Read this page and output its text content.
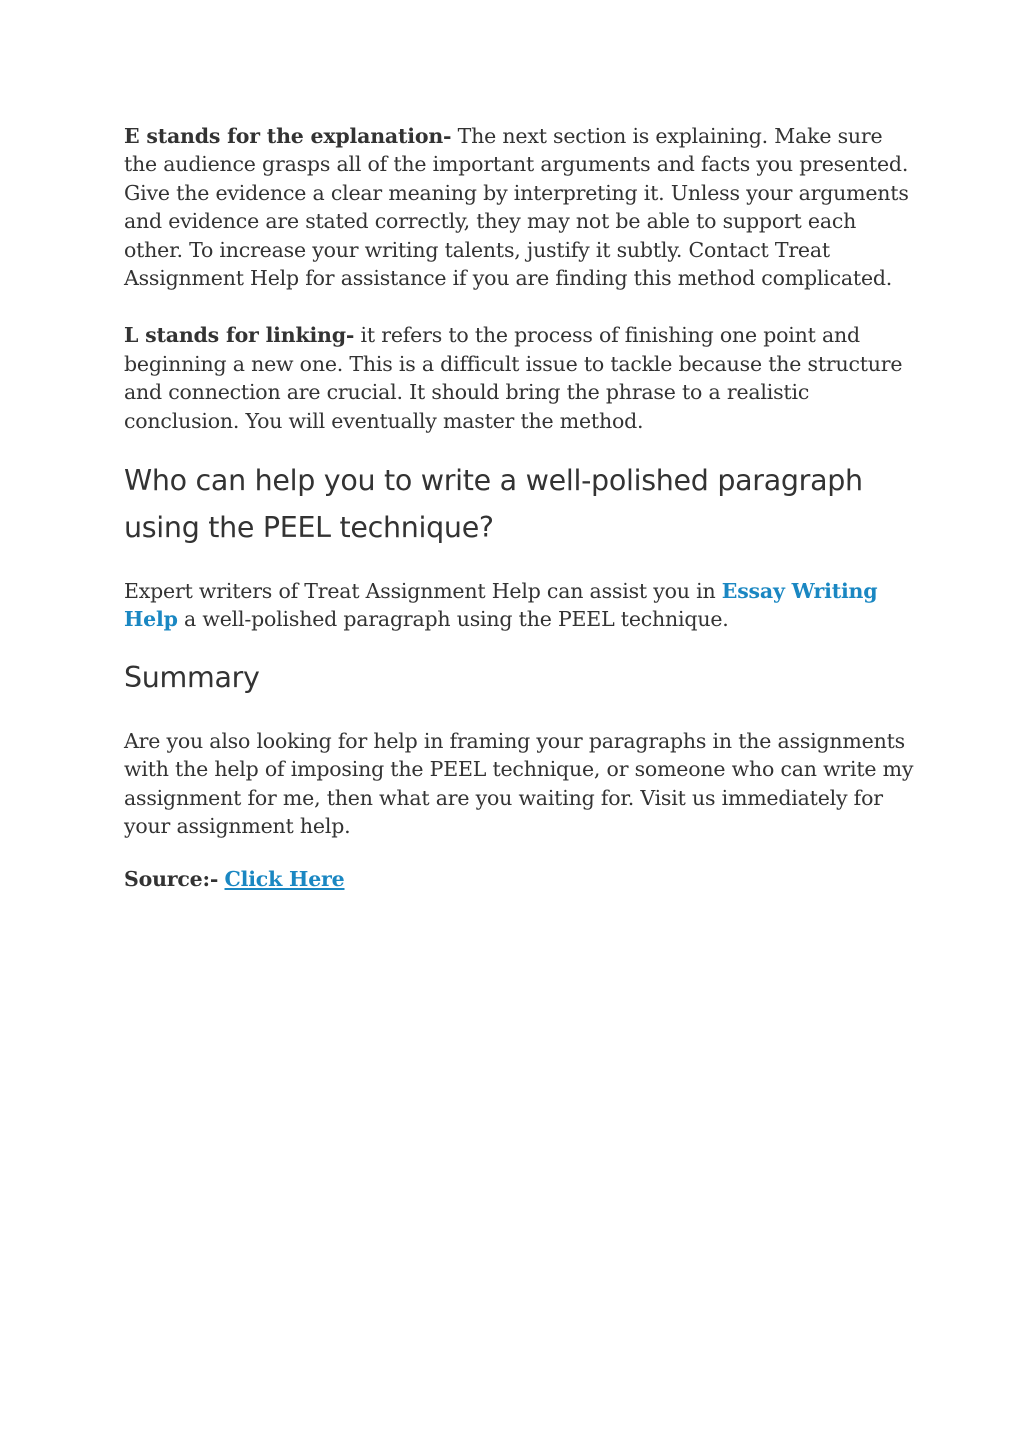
E stands for the explanation- The next section is explaining. Make sure the audience grasps all of the important arguments and facts you presented. Give the evidence a clear meaning by interpreting it. Unless your arguments and evidence are stated correctly, they may not be able to support each other. To increase your writing talents, justify it subtly. Contact Treat Assignment Help for assistance if you are finding this method complicated.

L stands for linking- it refers to the process of finishing one point and beginning a new one. This is a difficult issue to tackle because the structure and connection are crucial. It should bring the phrase to a realistic conclusion. You will eventually master the method.

Who can help you to write a well-polished paragraph using the PEEL technique?

Expert writers of Treat Assignment Help can assist you in Essay Writing Help a well-polished paragraph using the PEEL technique.

Summary

Are you also looking for help in framing your paragraphs in the assignments with the help of imposing the PEEL technique, or someone who can write my assignment for me, then what are you waiting for. Visit us immediately for your assignment help.

Source:- Click Here
